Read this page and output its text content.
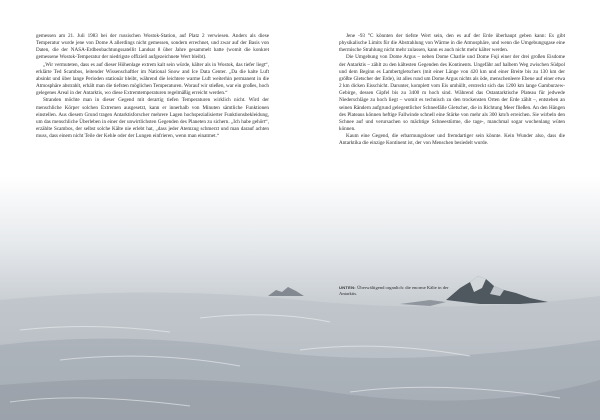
gemessen am 21. Juli 1983 bei der russischen Wostok-Station, auf Platz 2 verwiesen. Anders als diese Temperatur wurde jene von Dome A allerdings nicht gemessen, sondern errechnet, und zwar auf der Basis von Daten, die der NASA-Erdbeobachtungssatellit Landsat 8 über Jahre gesammelt hatte (womit die konkret gemessene Wostok-Temperatur der niedrigste offiziell aufgezeichnete Wert bleibt).

„Wir vermuteten, dass es auf dieser Höhenlage extrem kalt sein würde, kälter als in Wostok, das tiefer liegt“, erklärte Ted Scambos, leitender Wissenschaftler im National Snow and Ice Data Center. „Da die kalte Luft absinkt und über lange Perioden stationär bleibt, während die leichtere warme Luft weiterhin permanent in die Atmosphäre abstrahlt, erhält man die tiefsten möglichen Temperaturen. Worauf wir stießen, war ein großes, hoch gelegenes Areal in der Antarktis, wo diese Extremtemperaturen regelmäßig erreicht werden.“

Stranden möchte man in dieser Gegend mit derartig tiefen Temperaturen wirklich nicht. Wird der menschliche Körper solchen Extremen ausgesetzt, kann er innerhalb von Minuten sämtliche Funktionen einstellen. Aus diesem Grund tragen Antarktisforscher mehrere Lagen hochspezialisierter Funktionsbekleidung, um das menschliche Überleben in einer der unwirtlichsten Gegenden des Planeten zu sichern. „Ich habe gehört“, erzählte Scambos, der selbst solche Kälte nie erlebt hat, „dass jeder Atemzug schmerzt und man darauf achten muss, dass einem nicht Teile der Kehle oder der Lungen einfrieren, wenn man einatmet.“

Jene -93 °C könnten der tiefste Wert sein, den es auf der Erde überhaupt geben kann: Es gibt physikalische Limits für die Abstrahlung von Wärme in die Atmosphäre, und wenn die Umgebungsgase eine thermische Strahlung nicht mehr zulassen, kann es auch nicht mehr kälter werden.

Die Umgebung von Dome Argus – neben Dome Charlie und Dome Fuji einer der drei großen Eisdome der Antarktis – zählt zu den kältesten Gegenden des Kontinents. Ungefähr auf halbem Weg zwischen Südpol und dem Beginn es Lambertgletschers (mit einer Länge von 420 km und einer Breite bis zu 130 km der größte Gletscher der Erde), ist alles rund um Dome Argus nichts als öde, menschenleere Ebene auf einer etwa 2 km dicken Eisschicht. Darunter, komplett vom Eis umhüllt, erstreckt sich das 1200 km lange Gamburzew-Gebirge, dessen Gipfel bis zu 3400 m hoch sind. Während das Ostantarktische Plateau für jedwede Niederschläge zu hoch liegt – womit es technisch zu den trockensten Orten der Erde zählt –, entstehen an seinen Rändern aufgrund gelegentlicher Schneefälle Gletscher, die in Richtung Meer fließen. An den Hängen des Plateaus können heftige Fallwinde schnell eine Stärke von mehr als 300 km/h erreichen. Sie wirbeln den Schnee auf und verursachen so mächtige Schneestürme, die tage-, manchmal sogar wochenlang wüten können.

Kaum eine Gegend, die erbarmungsloser und fremdartiger sein könnte. Kein Wunder also, dass die Antarktika die einzige Kontinent ist, der von Menschen besiedelt wurde.

UNTEN: Überwältigend organlich: die enorme Kälte in der Antarktis.
